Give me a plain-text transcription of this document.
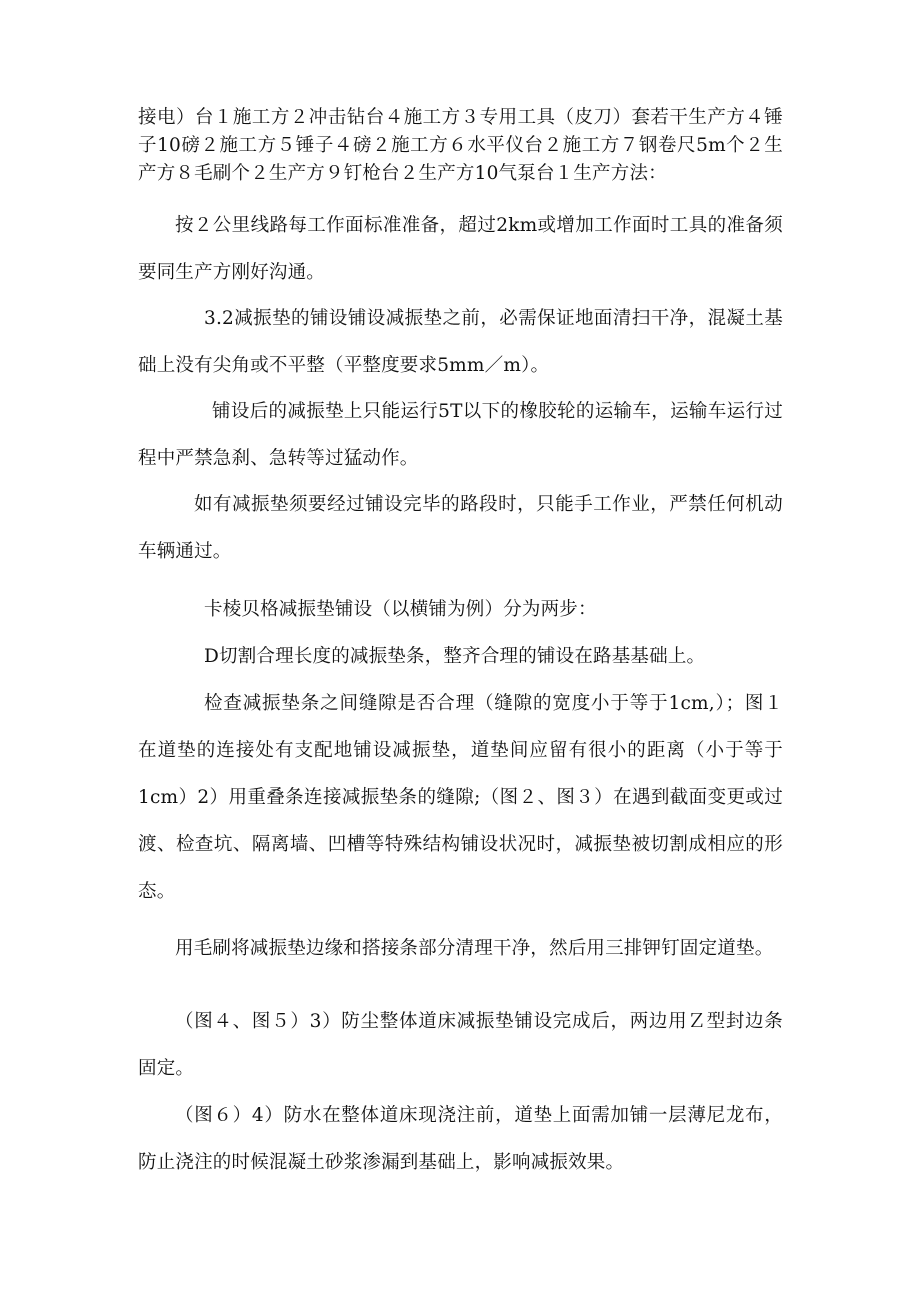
接电）台１施工方２冲击钻台４施工方３专用工具（皮刀）套若干生产方４锤子10磅２施工方５锤子４磅２施工方６水平仪台２施工方７钢卷尺5m个２生产方８毛刷个２生产方９钉枪台２生产方10气泵台１生产方法：

按２公里线路每工作面标准准备，超过2km或增加工作面时工具的准备须要同生产方刚好沟通。

3.2减振垫的铺设铺设减振垫之前，必需保证地面清扫干净，混凝土基础上没有尖角或不平整（平整度要求5mm／m）。

铺设后的减振垫上只能运行5T以下的橡胶轮的运输车，运输车运行过程中严禁急刹、急转等过猛动作。

如有减振垫须要经过铺设完毕的路段时，只能手工作业，严禁任何机动车辆通过。

卡棱贝格减振垫铺设（以横铺为例）分为两步：

D切割合理长度的减振垫条，整齐合理的铺设在路基基础上。

检查减振垫条之间缝隙是否合理（缝隙的宽度小于等于1cm,）；图１在道垫的连接处有支配地铺设减振垫，道垫间应留有很小的距离（小于等于1cm）2）用重叠条连接减振垫条的缝隙;（图２、图３）在遇到截面变更或过渡、检查坑、隔离墙、凹槽等特殊结构铺设状况时，减振垫被切割成相应的形态。

用毛刷将减振垫边缘和搭接条部分清理干净，然后用三排钾钉固定道垫。

（图４、图５）3）防尘整体道床减振垫铺设完成后，两边用Ｚ型封边条固定。

（图６）4）防水在整体道床现浇注前，道垫上面需加铺一层薄尼龙布，防止浇注的时候混凝土砂浆渗漏到基础上，影响减振效果。
